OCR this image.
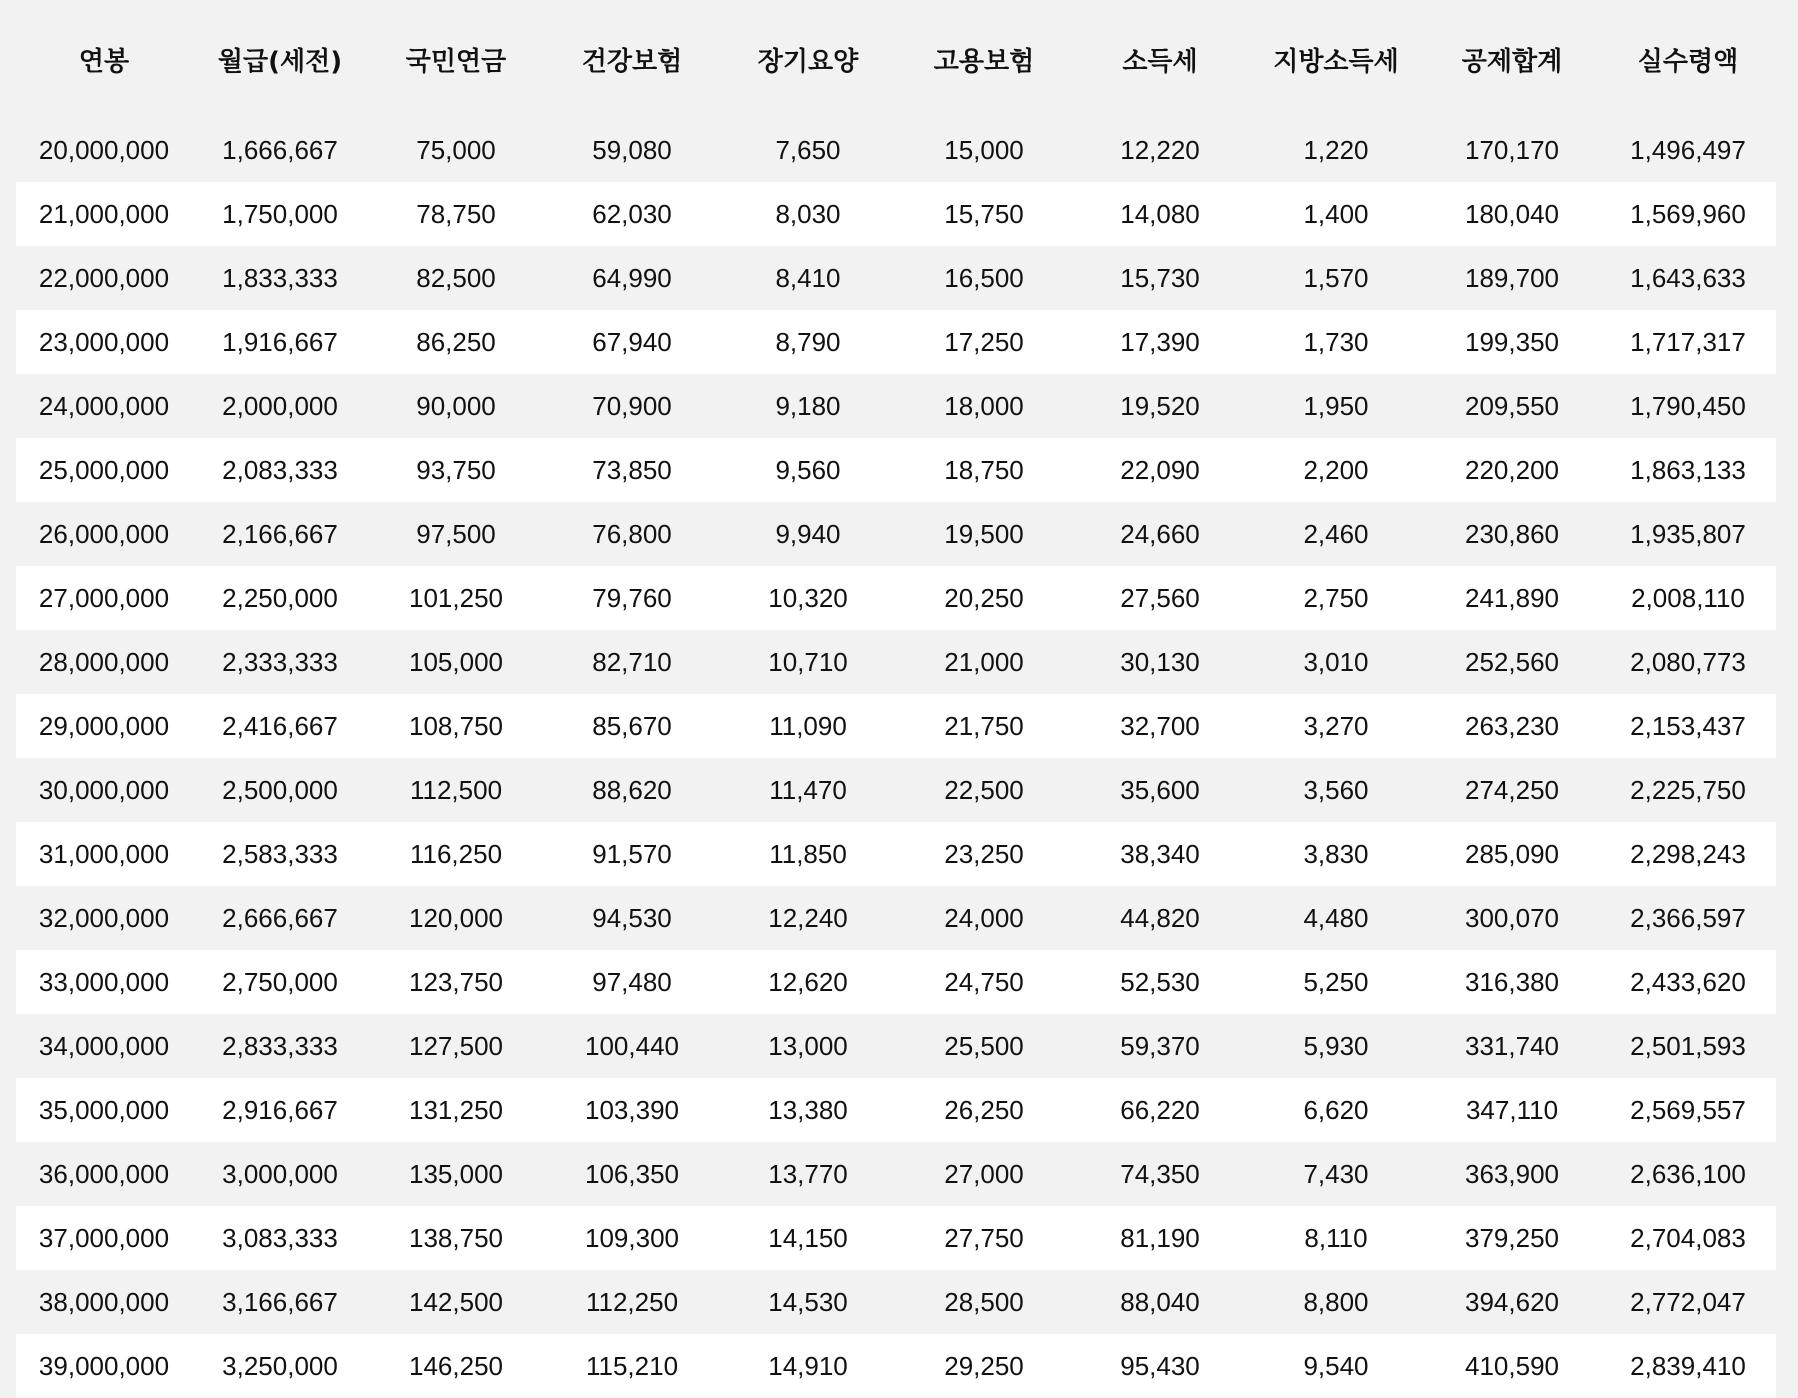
연봉	월급(세전)	국민연금	건강보험	장기요양	고용보험	소득세	지방소득세	공제합계	실수령액
20,000,000	1,666,667	75,000	59,080	7,650	15,000	12,220	1,220	170,170	1,496,497
21,000,000	1,750,000	78,750	62,030	8,030	15,750	14,080	1,400	180,040	1,569,960
22,000,000	1,833,333	82,500	64,990	8,410	16,500	15,730	1,570	189,700	1,643,633
23,000,000	1,916,667	86,250	67,940	8,790	17,250	17,390	1,730	199,350	1,717,317
24,000,000	2,000,000	90,000	70,900	9,180	18,000	19,520	1,950	209,550	1,790,450
25,000,000	2,083,333	93,750	73,850	9,560	18,750	22,090	2,200	220,200	1,863,133
26,000,000	2,166,667	97,500	76,800	9,940	19,500	24,660	2,460	230,860	1,935,807
27,000,000	2,250,000	101,250	79,760	10,320	20,250	27,560	2,750	241,890	2,008,110
28,000,000	2,333,333	105,000	82,710	10,710	21,000	30,130	3,010	252,560	2,080,773
29,000,000	2,416,667	108,750	85,670	11,090	21,750	32,700	3,270	263,230	2,153,437
30,000,000	2,500,000	112,500	88,620	11,470	22,500	35,600	3,560	274,250	2,225,750
31,000,000	2,583,333	116,250	91,570	11,850	23,250	38,340	3,830	285,090	2,298,243
32,000,000	2,666,667	120,000	94,530	12,240	24,000	44,820	4,480	300,070	2,366,597
33,000,000	2,750,000	123,750	97,480	12,620	24,750	52,530	5,250	316,380	2,433,620
34,000,000	2,833,333	127,500	100,440	13,000	25,500	59,370	5,930	331,740	2,501,593
35,000,000	2,916,667	131,250	103,390	13,380	26,250	66,220	6,620	347,110	2,569,557
36,000,000	3,000,000	135,000	106,350	13,770	27,000	74,350	7,430	363,900	2,636,100
37,000,000	3,083,333	138,750	109,300	14,150	27,750	81,190	8,110	379,250	2,704,083
38,000,000	3,166,667	142,500	112,250	14,530	28,500	88,040	8,800	394,620	2,772,047
39,000,000	3,250,000	146,250	115,210	14,910	29,250	95,430	9,540	410,590	2,839,410
